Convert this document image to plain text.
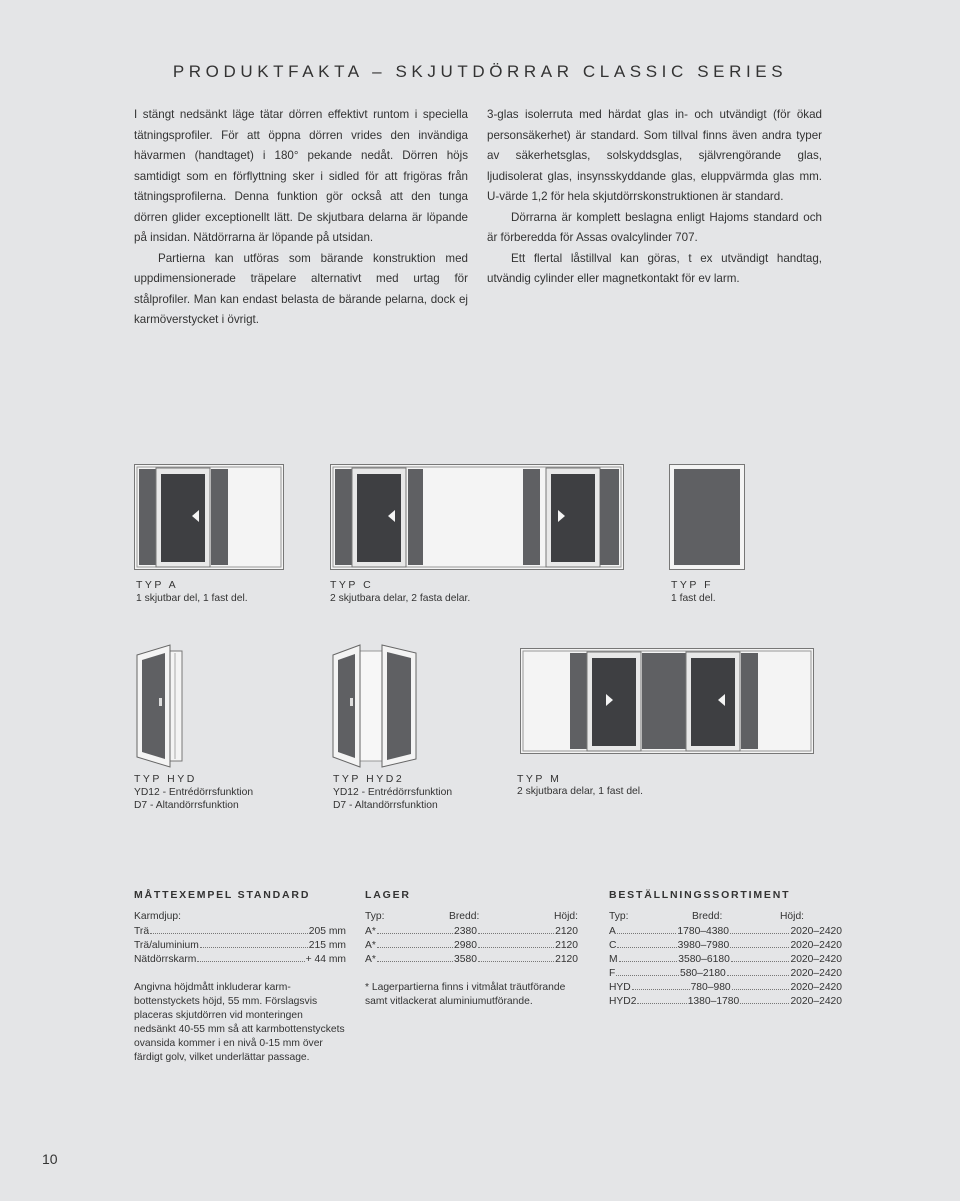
PRODUKTFAKTA – SKJUTDÖRRAR CLASSIC SERIES

I stängt nedsänkt läge tätar dörren effektivt runtom i speciella tätningsprofiler. För att öppna dörren vrides den invändiga hävarmen (handtaget) i 180° pekande nedåt. Dörren höjs samtidigt som en förflyttning sker i sidled för att frigöras från tätningsprofilerna. Denna funktion gör också att den tunga dörren glider exceptionellt lätt. De skjutbara delarna är löpande på insidan. Nätdörrarna är löpande på utsidan.

Partierna kan utföras som bärande konstruktion med uppdimensionerade träpelare alternativt med urtag för stålprofiler. Man kan endast belasta de bärande pelarna, dock ej karmöverstycket i övrigt.

3-glas isolerruta med härdat glas in- och utvändigt (för ökad personsäkerhet) är standard. Som tillval finns även andra typer av säkerhetsglas, solskyddsglas, självrengörande glas, ljudisolerat glas, insynsskyddande glas, eluppvärmda glas mm. U-värde 1,2 för hela skjutdörrskonstruktionen är standard.

Dörrarna är komplett beslagna enligt Hajoms standard och är förberedda för Assas ovalcylinder 707.

Ett flertal låstillval kan göras, t ex utvändigt handtag, utvändig cylinder eller magnetkontakt för ev larm.

TYP A
1 skjutbar del, 1 fast del.
TYP C
2 skjutbara delar, 2 fasta delar.
TYP F
1 fast del.
TYP HYD
YD12 - Entrédörrsfunktion
D7 - Altandörrsfunktion
TYP HYD2
YD12 - Entrédörrsfunktion
D7 - Altandörrsfunktion
TYP M
2 skjutbara delar, 1 fast del.
MÅTTEXEMPEL STANDARD
Karmdjup:
Trä	205 mm
Trä/aluminium	215 mm
Nätdörrskarm	+ 44 mm
Angivna höjdmått inkluderar karmbottenstyckets höjd, 55 mm. Förslagsvis placeras skjutdörren vid monteringen nedsänkt 40-55 mm så att karmbottenstyckets ovansida kommer i en nivå 0-15 mm över färdigt golv, vilket underlättar passage.
LAGER
Typ:	Bredd:	Höjd:
A*	2380	2120
A*	2980	2120
A*	3580	2120
* Lagerpartierna finns i vitmålat träutförande samt vitlackerat aluminiumutförande.
BESTÄLLNINGSSORTIMENT
Typ:	Bredd:	Höjd:
A	1780–4380	2020–2420
C	3980–7980	2020–2420
M	3580–6180	2020–2420
F	580–2180	2020–2420
HYD	780–980	2020–2420
HYD2	1380–1780	2020–2420
10
